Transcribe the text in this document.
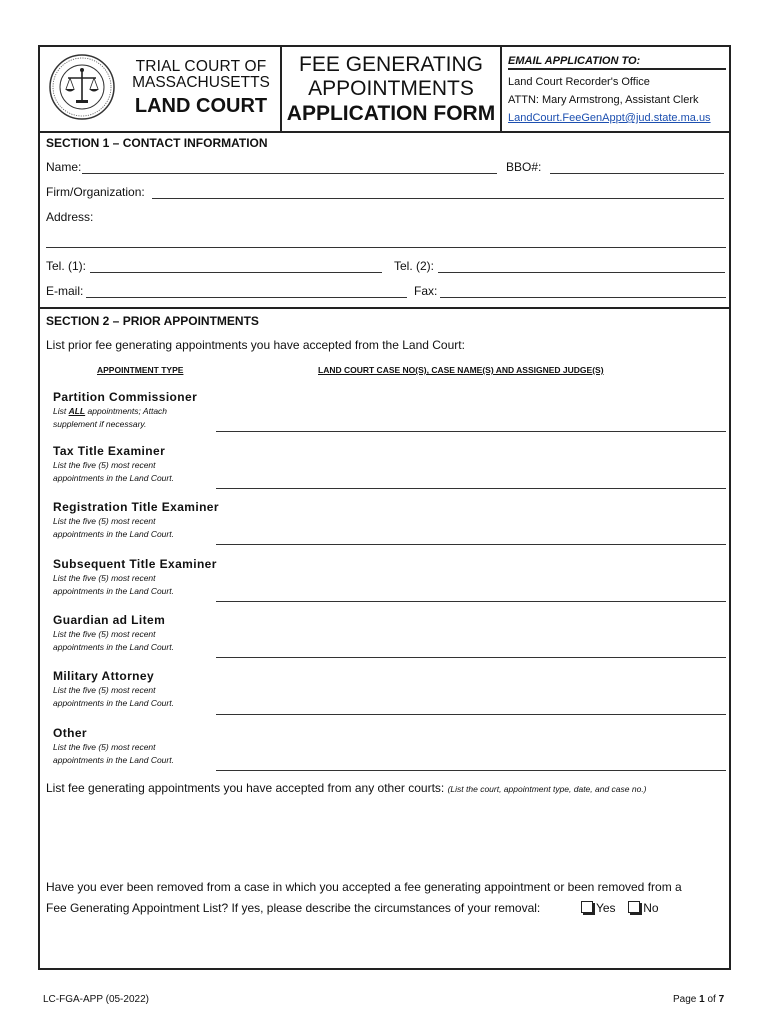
TRIAL COURT OF
MASSACHUSETTS
LAND COURT
FEE GENERATING
APPOINTMENTS
APPLICATION FORM
EMAIL APPLICATION TO:
Land Court Recorder's Office
ATTN: Mary Armstrong, Assistant Clerk
LandCourt.FeeGenAppt@jud.state.ma.us
SECTION 1 – CONTACT INFORMATION
Name:	BBO#:
Firm/Organization:
Address:
Tel. (1):	Tel. (2):
E-mail:	Fax:
SECTION 2 – PRIOR APPOINTMENTS
List prior fee generating appointments you have accepted from the Land Court:
APPOINTMENT TYPE	LAND COURT CASE NO(S), CASE NAME(S) AND ASSIGNED JUDGE(S)
Partition Commissioner
List ALL appointments; Attach
supplement if necessary.
Tax Title Examiner
List the five (5) most recent
appointments in the Land Court.
Registration Title Examiner
List the five (5) most recent
appointments in the Land Court.
Subsequent Title Examiner
List the five (5) most recent
appointments in the Land Court.
Guardian ad Litem
List the five (5) most recent
appointments in the Land Court.
Military Attorney
List the five (5) most recent
appointments in the Land Court.
Other
List the five (5) most recent
appointments in the Land Court.
List fee generating appointments you have accepted from any other courts: (List the court, appointment type, date, and case no.)
Have you ever been removed from a case in which you accepted a fee generating appointment or been removed from a
Fee Generating Appointment List? If yes, please describe the circumstances of your removal:	Yes No
LC-FGA-APP (05-2022)	Page 1 of 7
